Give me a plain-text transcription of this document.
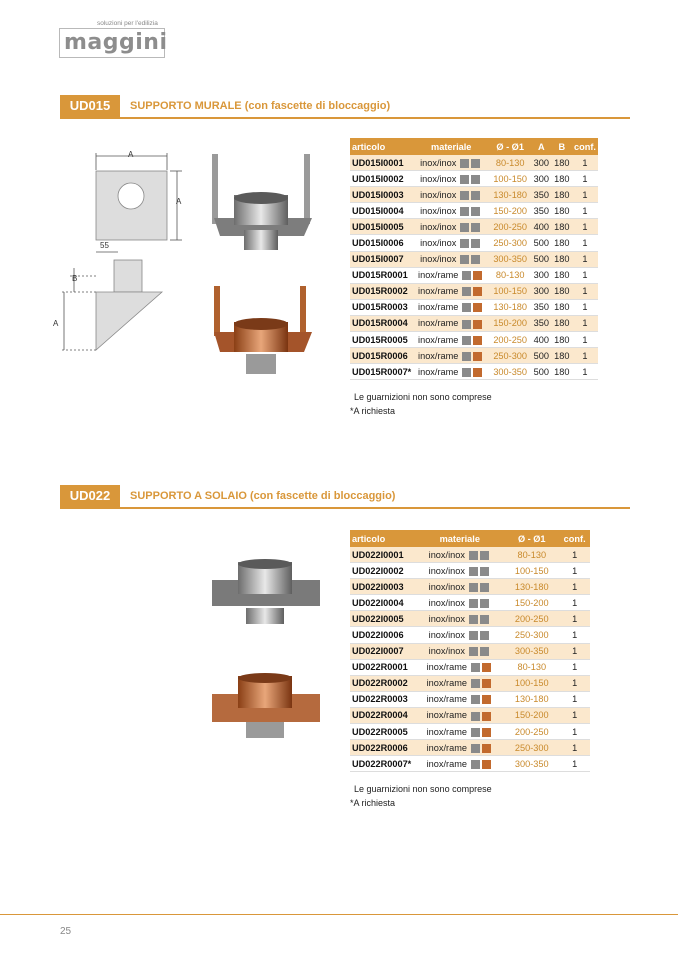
soluzioni per l'edilizia
maggini
UD015	SUPPORTO MURALE (con fascette di bloccaggio)
A
A
55
B
A
articolo	materiale	Ø - Ø1	A	B	conf.
UD015I0001	inox/inox	80-130	300	180	1
UD015I0002	inox/inox	100-150	300	180	1
UD015I0003	inox/inox	130-180	350	180	1
UD015I0004	inox/inox	150-200	350	180	1
UD015I0005	inox/inox	200-250	400	180	1
UD015I0006	inox/inox	250-300	500	180	1
UD015I0007	inox/inox	300-350	500	180	1
UD015R0001	inox/rame	80-130	300	180	1
UD015R0002	inox/rame	100-150	300	180	1
UD015R0003	inox/rame	130-180	350	180	1
UD015R0004	inox/rame	150-200	350	180	1
UD015R0005	inox/rame	200-250	400	180	1
UD015R0006	inox/rame	250-300	500	180	1
UD015R0007*	inox/rame	300-350	500	180	1
Le guarnizioni non sono comprese
*A richiesta
UD022	SUPPORTO A SOLAIO (con fascette di bloccaggio)
articolo	materiale	Ø - Ø1	conf.
UD022I0001	inox/inox	80-130	1
UD022I0002	inox/inox	100-150	1
UD022I0003	inox/inox	130-180	1
UD022I0004	inox/inox	150-200	1
UD022I0005	inox/inox	200-250	1
UD022I0006	inox/inox	250-300	1
UD022I0007	inox/inox	300-350	1
UD022R0001	inox/rame	80-130	1
UD022R0002	inox/rame	100-150	1
UD022R0003	inox/rame	130-180	1
UD022R0004	inox/rame	150-200	1
UD022R0005	inox/rame	200-250	1
UD022R0006	inox/rame	250-300	1
UD022R0007*	inox/rame	300-350	1
Le guarnizioni non sono comprese
*A richiesta
25
